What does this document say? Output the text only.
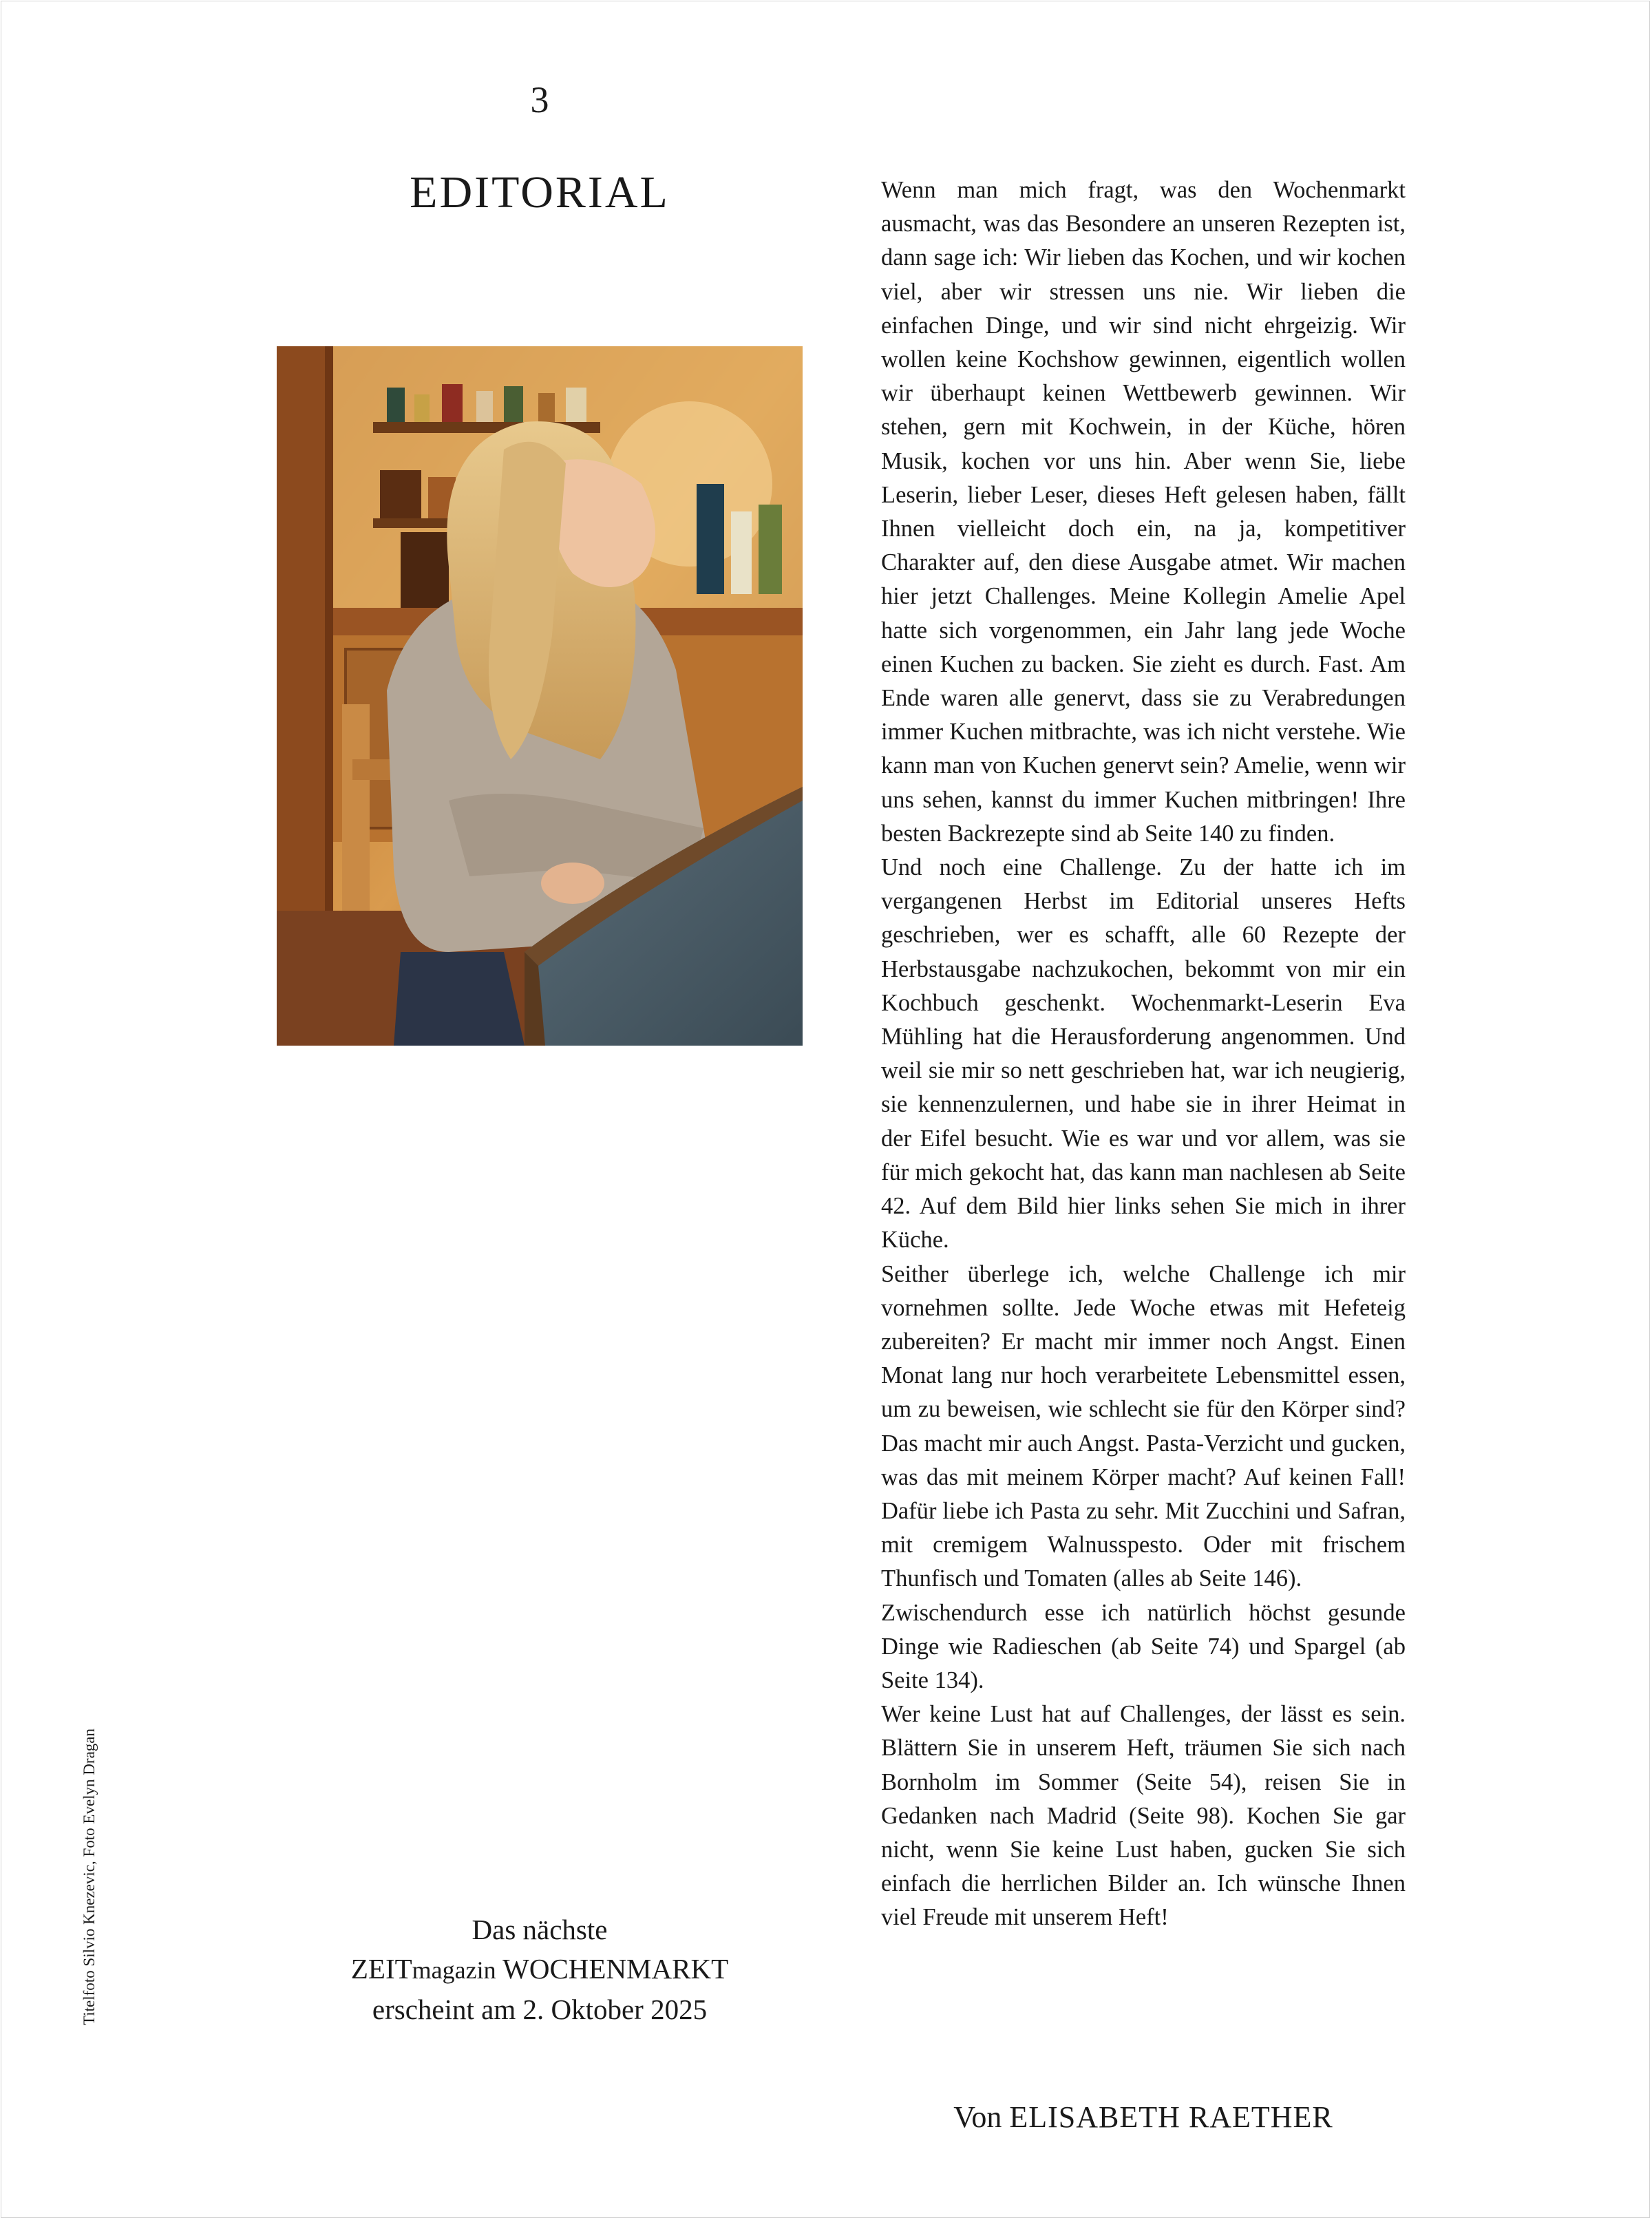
3
EDITORIAL	Wenn man mich fragt, was den Wochenmarkt ausmacht, was das Besondere an unseren Rezepten ist, dann sage ich: Wir lieben das Kochen, und wir kochen viel, aber wir stressen uns nie. Wir lieben die einfachen Dinge, und wir sind nicht ehrgeizig. Wir wollen keine Kochshow gewinnen, eigentlich wollen wir überhaupt keinen Wettbewerb gewinnen. Wir stehen, gern mit Kochwein, in der Küche, hören Musik, kochen vor uns hin. Aber wenn Sie, liebe Leserin, lieber Leser, dieses Heft gelesen haben, fällt Ihnen vielleicht doch ein, na ja, kompetitiver Charakter auf, den diese Ausgabe atmet. Wir machen hier jetzt Challenges. Meine Kollegin Amelie Apel hatte sich vorgenommen, ein Jahr lang jede Woche einen Kuchen zu backen. Sie zieht es durch. Fast. Am Ende waren alle genervt, dass sie zu Verabredungen immer Kuchen mitbrachte, was ich nicht verstehe. Wie kann man von Kuchen genervt sein? Amelie, wenn wir uns sehen, kannst du immer Kuchen mitbringen! Ihre besten Backrezepte sind ab Seite 140 zu finden.

Und noch eine Challenge. Zu der hatte ich im vergangenen Herbst im Editorial unseres Hefts geschrieben, wer es schafft, alle 60 Rezepte der Herbstausgabe nachzukochen, bekommt von mir ein Kochbuch geschenkt. Wochenmarkt-Leserin Eva Mühling hat die Herausforderung angenommen. Und weil sie mir so nett geschrieben hat, war ich neugierig, sie kennenzulernen, und habe sie in ihrer Heimat in der Eifel besucht. Wie es war und vor allem, was sie für mich gekocht hat, das kann man nachlesen ab Seite 42. Auf dem Bild hier links sehen Sie mich in ihrer Küche.

Seither überlege ich, welche Challenge ich mir vornehmen sollte. Jede Woche etwas mit Hefeteig zubereiten? Er macht mir immer noch Angst. Einen Monat lang nur hoch verarbeitete Lebensmittel essen, um zu beweisen, wie schlecht sie für den Körper sind? Das macht mir auch Angst. Pasta-Verzicht und gucken, was das mit meinem Körper macht? Auf keinen Fall! Dafür liebe ich Pasta zu sehr. Mit Zucchini und Safran, mit cremigem Walnusspesto. Oder mit frischem Thunfisch und Tomaten (alles ab Seite 146).

Zwischendurch esse ich natürlich höchst gesunde Dinge wie Radieschen (ab Seite 74) und Spargel (ab Seite 134).

Wer keine Lust hat auf Challenges, der lässt es sein. Blättern Sie in unserem Heft, träumen Sie sich nach Bornholm im Sommer (Seite 54), reisen Sie in Gedanken nach Madrid (Seite 98). Kochen Sie gar nicht, wenn Sie keine Lust haben, gucken Sie sich einfach die herrlichen Bilder an. Ich wünsche Ihnen viel Freude mit unserem Heft!

Das nächste
ZEITmagazin WOCHENMARKT
erscheint am 2. Oktober 2025
Titelfoto Silvio Knezevic, Foto Evelyn Dragan
Von ELISABETH RAETHER
